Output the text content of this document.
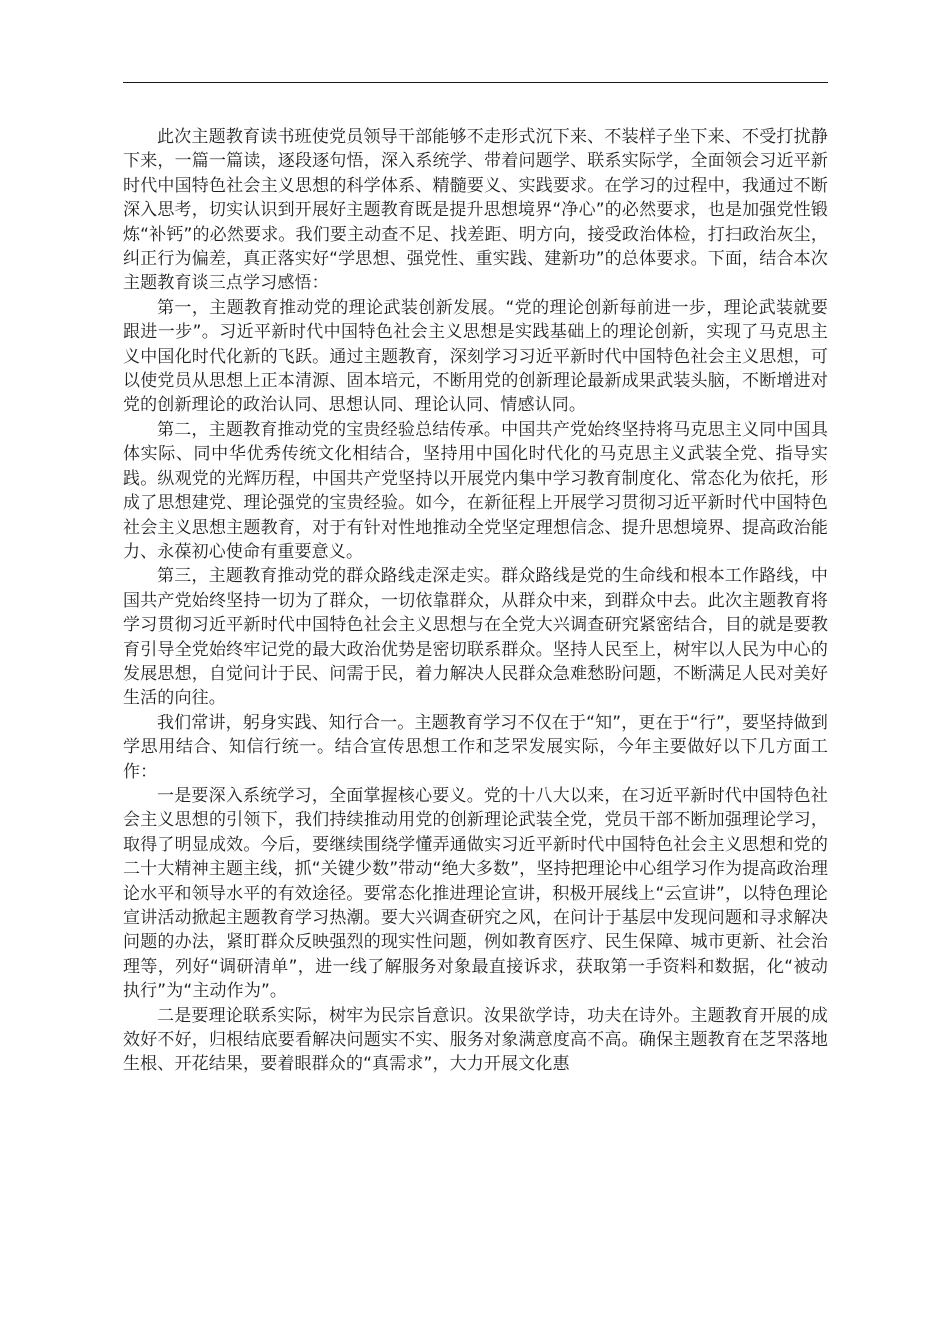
此次主题教育读书班使党员领导干部能够不走形式沉下来、不装样子坐下来、不受打扰静下来，一篇一篇读，逐段逐句悟，深入系统学、带着问题学、联系实际学，全面领会习近平新时代中国特色社会主义思想的科学体系、精髓要义、实践要求。在学习的过程中，我通过不断深入思考，切实认识到开展好主题教育既是提升思想境界“净心”的必然要求，也是加强党性锻炼“补钙”的必然要求。我们要主动查不足、找差距、明方向，接受政治体检，打扫政治灰尘，纠正行为偏差，真正落实好“学思想、强党性、重实践、建新功”的总体要求。下面，结合本次主题教育谈三点学习感悟：

第一，主题教育推动党的理论武装创新发展。“党的理论创新每前进一步，理论武装就要跟进一步”。习近平新时代中国特色社会主义思想是实践基础上的理论创新，实现了马克思主义中国化时代化新的飞跃。通过主题教育，深刻学习习近平新时代中国特色社会主义思想，可以使党员从思想上正本清源、固本培元，不断用党的创新理论最新成果武装头脑，不断增进对党的创新理论的政治认同、思想认同、理论认同、情感认同。

第二，主题教育推动党的宝贵经验总结传承。中国共产党始终坚持将马克思主义同中国具体实际、同中华优秀传统文化相结合，坚持用中国化时代化的马克思主义武装全党、指导实践。纵观党的光辉历程，中国共产党坚持以开展党内集中学习教育制度化、常态化为依托，形成了思想建党、理论强党的宝贵经验。如今，在新征程上开展学习贯彻习近平新时代中国特色社会主义思想主题教育，对于有针对性地推动全党坚定理想信念、提升思想境界、提高政治能力、永葆初心使命有重要意义。

第三，主题教育推动党的群众路线走深走实。群众路线是党的生命线和根本工作路线，中国共产党始终坚持一切为了群众，一切依靠群众，从群众中来，到群众中去。此次主题教育将学习贯彻习近平新时代中国特色社会主义思想与在全党大兴调查研究紧密结合，目的就是要教育引导全党始终牢记党的最大政治优势是密切联系群众。坚持人民至上，树牢以人民为中心的发展思想，自觉问计于民、问需于民，着力解决人民群众急难愁盼问题，不断满足人民对美好生活的向往。

我们常讲，躬身实践、知行合一。主题教育学习不仅在于“知”，更在于“行”，要坚持做到学思用结合、知信行统一。结合宣传思想工作和芝罘发展实际，今年主要做好以下几方面工作：

一是要深入系统学习，全面掌握核心要义。党的十八大以来，在习近平新时代中国特色社会主义思想的引领下，我们持续推动用党的创新理论武装全党，党员干部不断加强理论学习，取得了明显成效。今后，要继续围绕学懂弄通做实习近平新时代中国特色社会主义思想和党的二十大精神主题主线，抓“关键少数”带动“绝大多数”，坚持把理论中心组学习作为提高政治理论水平和领导水平的有效途径。要常态化推进理论宣讲，积极开展线上“云宣讲”，以特色理论宣讲活动掀起主题教育学习热潮。要大兴调查研究之风，在问计于基层中发现问题和寻求解决问题的办法，紧盯群众反映强烈的现实性问题，例如教育医疗、民生保障、城市更新、社会治理等，列好“调研清单”，进一线了解服务对象最直接诉求，获取第一手资料和数据，化“被动执行”为“主动作为”。

二是要理论联系实际，树牢为民宗旨意识。汝果欲学诗，功夫在诗外。主题教育开展的成效好不好，归根结底要看解决问题实不实、服务对象满意度高不高。确保主题教育在芝罘落地生根、开花结果，要着眼群众的“真需求”，大力开展文化惠
